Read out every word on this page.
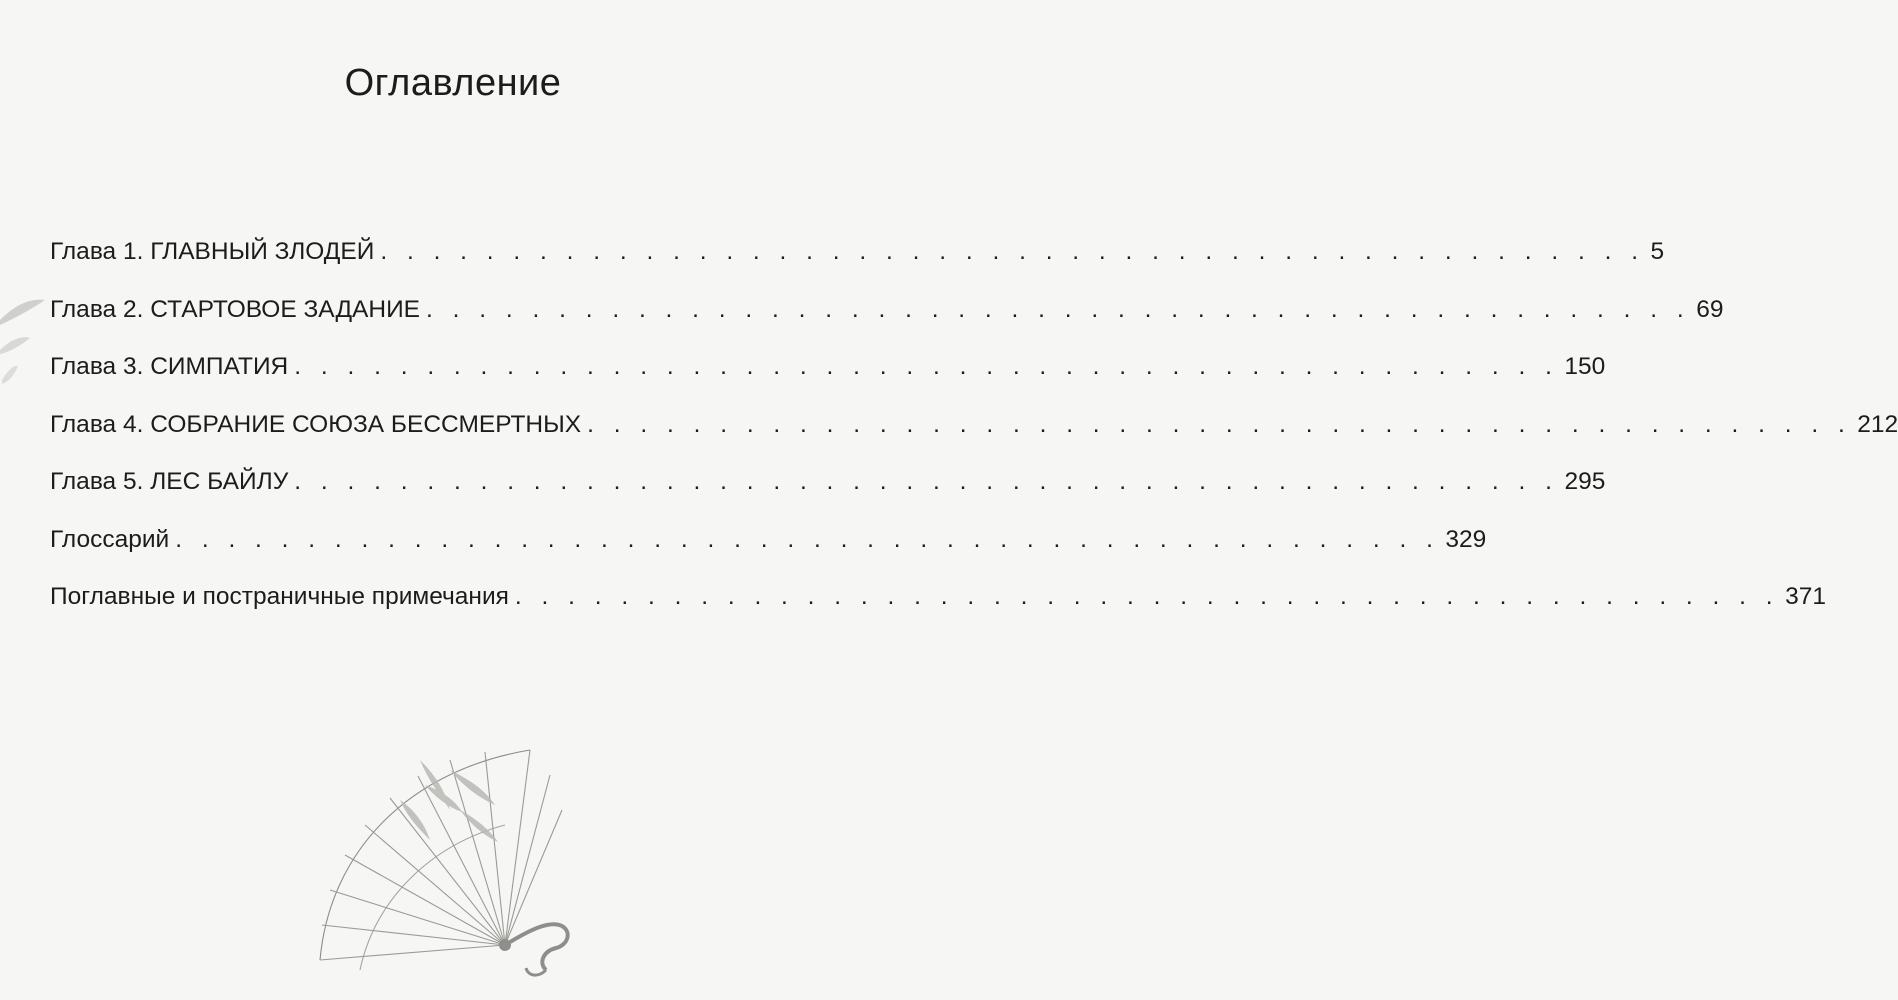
Оглавление
Глава 1. ГЛАВНЫЙ ЗЛОДЕЙ . . . . . . . . . . . . . . . . . . . . . . . . . . . . . . . . . . . . . . . . . . . . . . . . 5
Глава 2. СТАРТОВОЕ ЗАДАНИЕ . . . . . . . . . . . . . . . . . . . . . . . . . . . . . . . . . . . . . . . . . . . . . . . . 69
Глава 3. СИМПАТИЯ . . . . . . . . . . . . . . . . . . . . . . . . . . . . . . . . . . . . . . . . . . . . . . . . 150
Глава 4. СОБРАНИЕ СОЮЗА БЕССМЕРТНЫХ . . . . . . . . . . . . . . . . . . . . . . . . . . . . . . . . . . . . . . . . . . . . . . . . 212
Глава 5. ЛЕС БАЙЛУ . . . . . . . . . . . . . . . . . . . . . . . . . . . . . . . . . . . . . . . . . . . . . . . . 295
Глоссарий . . . . . . . . . . . . . . . . . . . . . . . . . . . . . . . . . . . . . . . . . . . . . . . . 329
Поглавные и постраничные примечания . . . . . . . . . . . . . . . . . . . . . . . . . . . . . . . . . . . . . . . . . . . . . . . . 371
